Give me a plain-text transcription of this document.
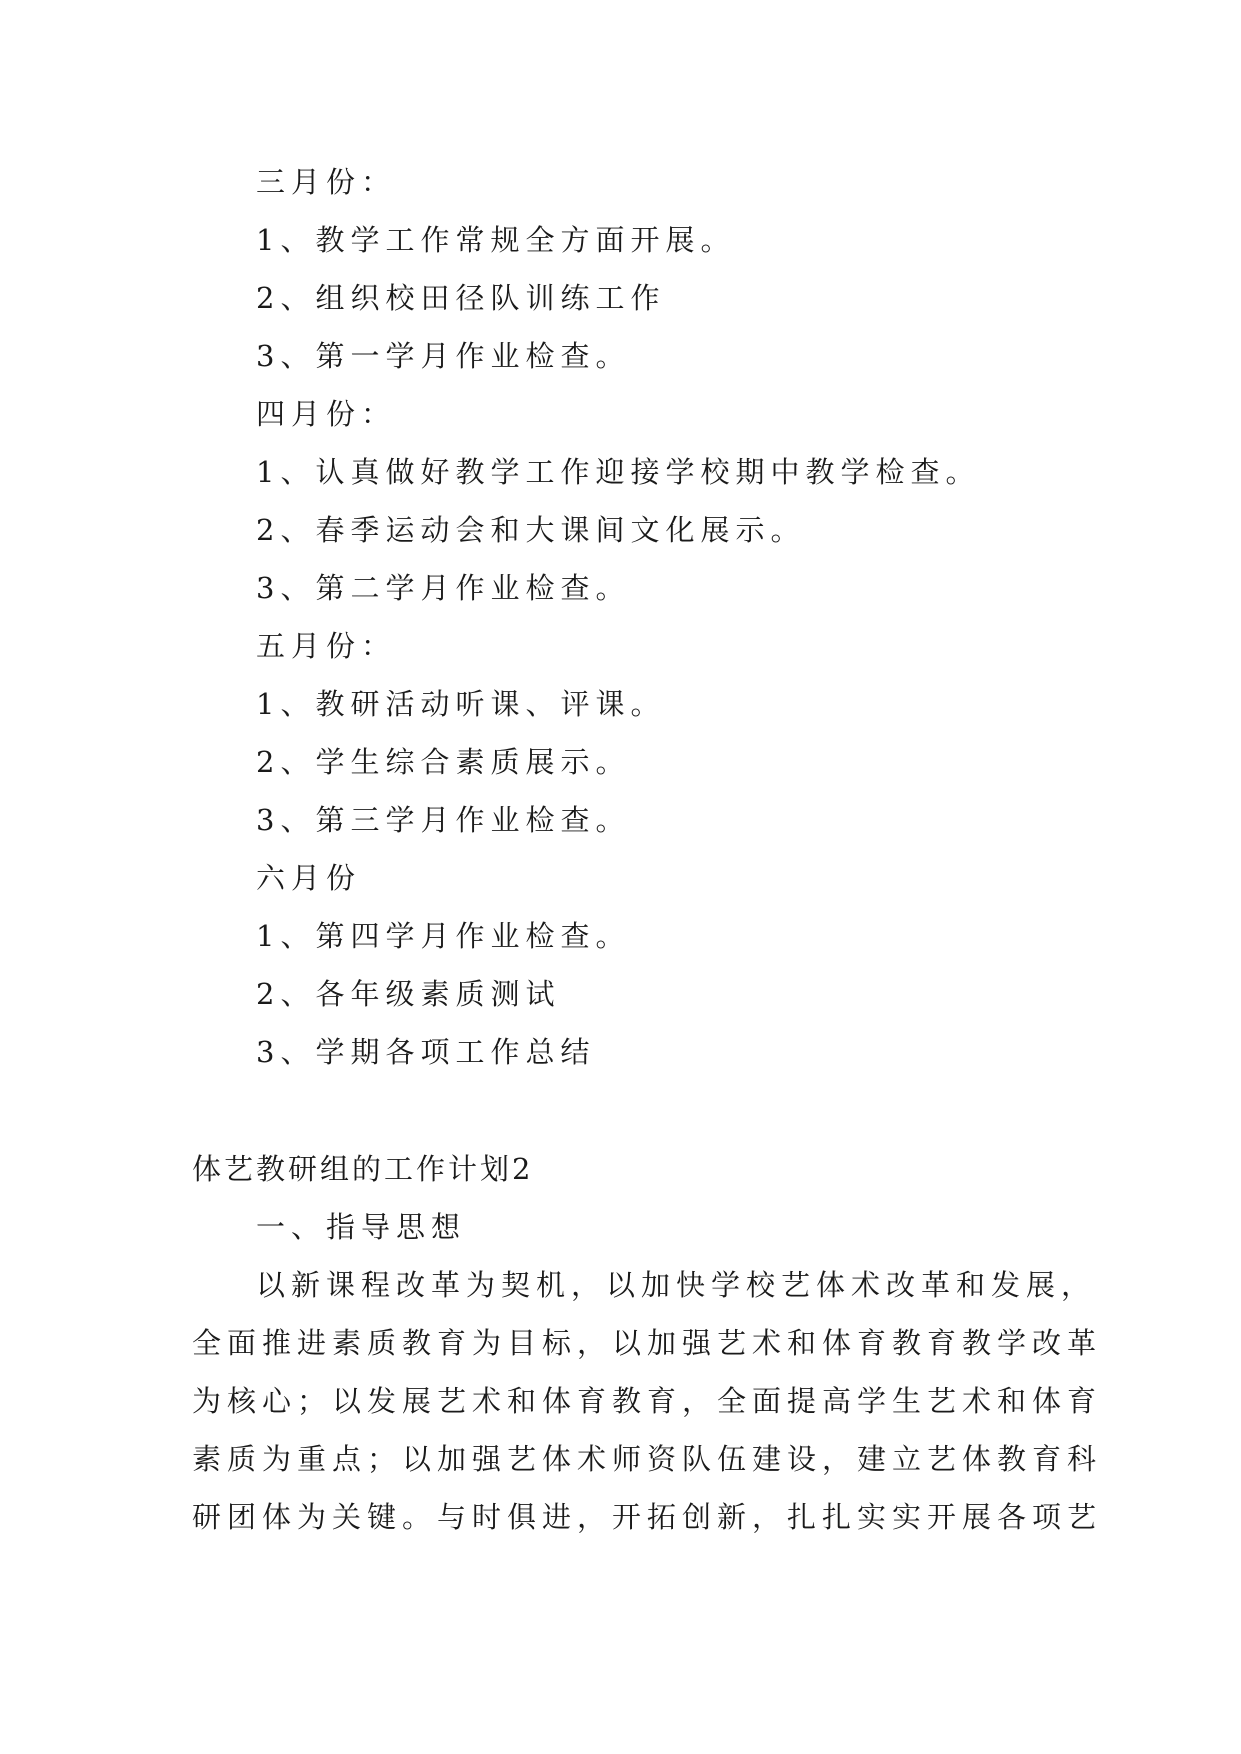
三月份：
1、教学工作常规全方面开展。
2、组织校田径队训练工作
3、第一学月作业检查。
四月份：
1、认真做好教学工作迎接学校期中教学检查。
2、春季运动会和大课间文化展示。
3、第二学月作业检查。
五月份：
1、教研活动听课、评课。
2、学生综合素质展示。
3、第三学月作业检查。
六月份
1、第四学月作业检查。
2、各年级素质测试
3、学期各项工作总结
体艺教研组的工作计划2
一、指导思想
以新课程改革为契机，以加快学校艺体术改革和发展，
全面推进素质教育为目标，以加强艺术和体育教育教学改革
为核心；以发展艺术和体育教育，全面提高学生艺术和体育
素质为重点；以加强艺体术师资队伍建设，建立艺体教育科
研团体为关键。与时俱进，开拓创新，扎扎实实开展各项艺
